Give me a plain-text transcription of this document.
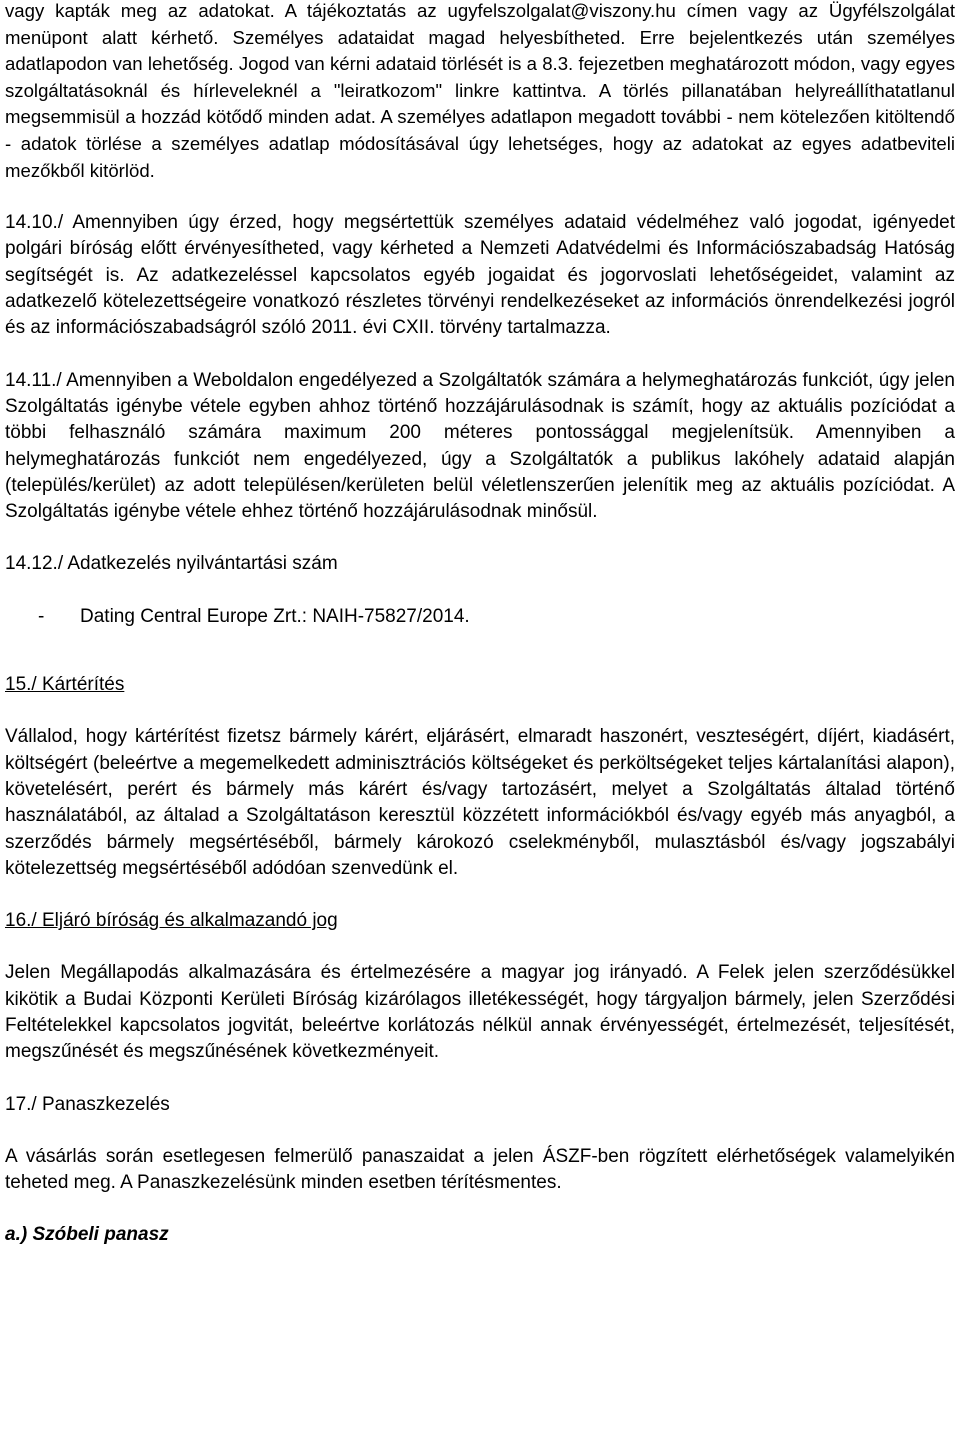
vagy kapták meg az adatokat. A tájékoztatás az ugyfelszolgalat@viszony.hu címen vagy az Ügyfélszolgálat menüpont alatt kérhető. Személyes adataidat magad helyesbítheted. Erre bejelentkezés után személyes adatlapodon van lehetőség. Jogod van kérni adataid törlését is a 8.3. fejezetben meghatározott módon, vagy egyes szolgáltatásoknál és hírleveleknél a "leiratkozom" linkre kattintva. A törlés pillanatában helyreállíthatatlanul megsemmisül a hozzád kötődő minden adat. A személyes adatlapon megadott további - nem kötelezően kitöltendő - adatok törlése a személyes adatlap módosításával úgy lehetséges, hogy az adatokat az egyes adatbeviteli mezőkből kitörlöd.

14.10./ Amennyiben úgy érzed, hogy megsértettük személyes adataid védelméhez való jogodat, igényedet polgári bíróság előtt érvényesítheted, vagy kérheted a Nemzeti Adatvédelmi és Információszabadság Hatóság segítségét is. Az adatkezeléssel kapcsolatos egyéb jogaidat és jogorvoslati lehetőségeidet, valamint az adatkezelő kötelezettségeire vonatkozó részletes törvényi rendelkezéseket az információs önrendelkezési jogról és az információszabadságról szóló 2011. évi CXII. törvény tartalmazza.

14.11./ Amennyiben a Weboldalon engedélyezed a Szolgáltatók számára a helymeghatározás funkciót, úgy jelen Szolgáltatás igénybe vétele egyben ahhoz történő hozzájárulásodnak is számít, hogy az aktuális pozíciódat a többi felhasználó számára maximum 200 méteres pontossággal megjelenítsük. Amennyiben a helymeghatározás funkciót nem engedélyezed, úgy a Szolgáltatók a publikus lakóhely adataid alapján (település/kerület) az adott településen/kerületen belül véletlenszerűen jelenítik meg az aktuális pozíciódat. A Szolgáltatás igénybe vétele ehhez történő hozzájárulásodnak minősül.

14.12./ Adatkezelés nyilvántartási szám

-	Dating Central Europe Zrt.: NAIH-75827/2014.

15./ Kártérítés

Vállalod, hogy kártérítést fizetsz bármely kárért, eljárásért, elmaradt haszonért, veszteségért, díjért, kiadásért, költségért (beleértve a megemelkedett adminisztrációs költségeket és perköltségeket teljes kártalanítási alapon), követelésért, perért és bármely más kárért és/vagy tartozásért, melyet a Szolgáltatás általad történő használatából, az általad a Szolgáltatáson keresztül közzétett információkból és/vagy egyéb más anyagból, a szerződés bármely megsértéséből, bármely károkozó cselekményből, mulasztásból és/vagy jogszabályi kötelezettség megsértéséből adódóan szenvedünk el.

16./ Eljáró bíróság és alkalmazandó jog

Jelen Megállapodás alkalmazására és értelmezésére a magyar jog irányadó. A Felek jelen szerződésükkel kikötik a Budai Központi Kerületi Bíróság kizárólagos illetékességét, hogy tárgyaljon bármely, jelen Szerződési Feltételekkel kapcsolatos jogvitát, beleértve korlátozás nélkül annak érvényességét, értelmezését, teljesítését, megszűnését és megszűnésének következményeit.

17./ Panaszkezelés

A vásárlás során esetlegesen felmerülő panaszaidat a jelen ÁSZF-ben rögzített elérhetőségek valamelyikén teheted meg. A Panaszkezelésünk minden esetben térítésmentes.

a.) Szóbeli panasz
